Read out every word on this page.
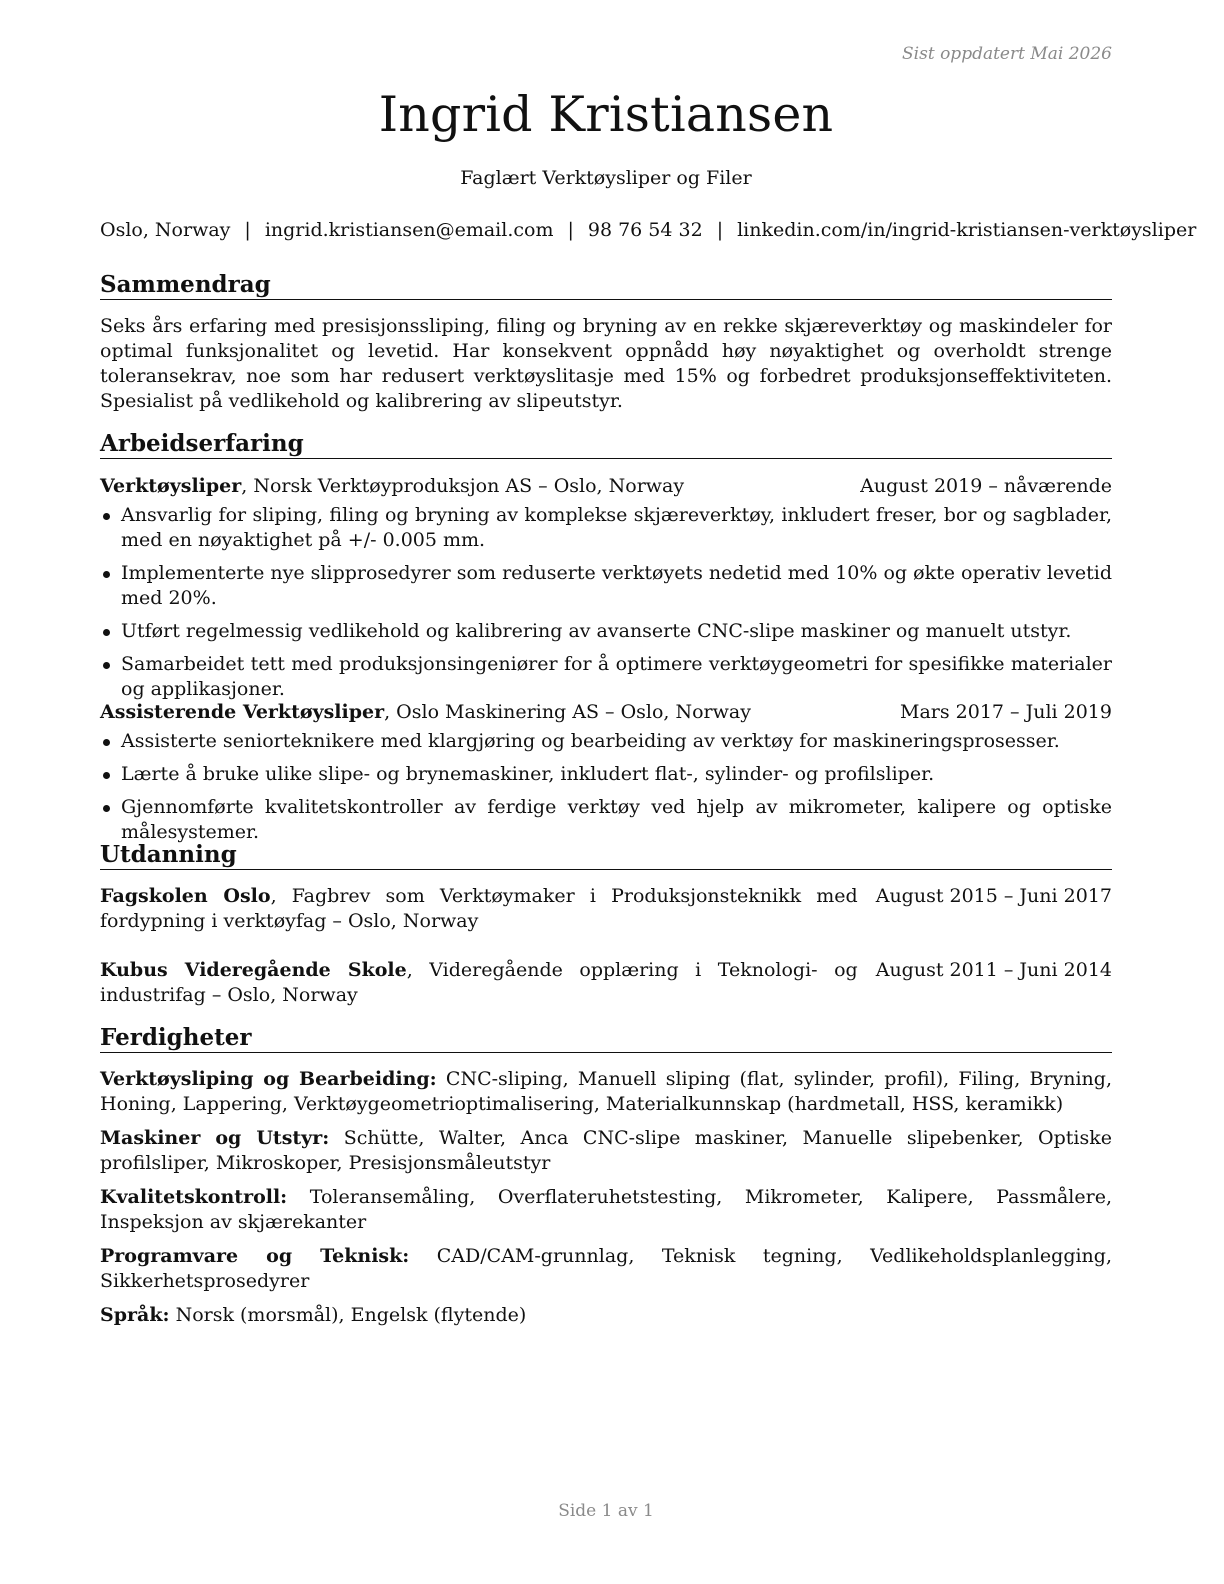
Sist oppdatert Mai 2026
Ingrid Kristiansen
Faglært Verktøysliper og Filer
Oslo, Norway | ingrid.kristiansen@email.com | 98 76 54 32 | linkedin.com/in/ingrid-kristiansen-verktøysliper
Sammendrag
Seks års erfaring med presisjonssliping, filing og bryning av en rekke skjæreverktøy og maskindeler for optimal funksjonalitet og levetid. Har konsekvent oppnådd høy nøyaktighet og overholdt strenge toleransekrav, noe som har redusert verktøyslitasje med 15% og forbedret produksjonseffektiviteten. Spesialist på vedlikehold og kalibrering av slipeutstyr.
Arbeidserfaring
Verktøysliper, Norsk Verktøyproduksjon AS – Oslo, Norway	August 2019 – nåværende
Ansvarlig for sliping, filing og bryning av komplekse skjæreverktøy, inkludert freser, bor og sagblader, med en nøyaktighet på +/- 0.005 mm.
Implementerte nye slipprosedyrer som reduserte verktøyets nedetid med 10% og økte operativ levetid med 20%.
Utført regelmessig vedlikehold og kalibrering av avanserte CNC-slipe maskiner og manuelt utstyr.
Samarbeidet tett med produksjonsingeniører for å optimere verktøygeometri for spesifikke materialer og applikasjoner.
Assisterende Verktøysliper, Oslo Maskinering AS – Oslo, Norway	Mars 2017 – Juli 2019
Assisterte seniorteknikere med klargjøring og bearbeiding av verktøy for maskineringsprosesser.
Lærte å bruke ulike slipe- og brynemaskiner, inkludert flat-, sylinder- og profilsliper.
Gjennomførte kvalitetskontroller av ferdige verktøy ved hjelp av mikrometer, kalipere og optiske målesystemer.
Utdanning
Fagskolen Oslo, Fagbrev som Verktøymaker i Produksjonsteknikk med fordypning i verktøyfag – Oslo, Norway
August 2015 – Juni 2017
Kubus Videregående Skole, Videregående opplæring i Teknologi- og industrifag – Oslo, Norway
August 2011 – Juni 2014
Ferdigheter
Verktøysliping og Bearbeiding: CNC-sliping, Manuell sliping (flat, sylinder, profil), Filing, Bryning, Honing, Lappering, Verktøygeometrioptimalisering, Materialkunnskap (hardmetall, HSS, keramikk)
Maskiner og Utstyr: Schütte, Walter, Anca CNC-slipe maskiner, Manuelle slipebenker, Optiske profilsliper, Mikroskoper, Presisjonsmåleutstyr
Kvalitetskontroll: Toleransemåling, Overflateruhetstesting, Mikrometer, Kalipere, Passmålere, Inspeksjon av skjærekanter
Programvare og Teknisk: CAD/CAM-grunnlag, Teknisk tegning, Vedlikeholdsplanlegging, Sikkerhetsprosedyrer
Språk: Norsk (morsmål), Engelsk (flytende)
Side 1 av 1
